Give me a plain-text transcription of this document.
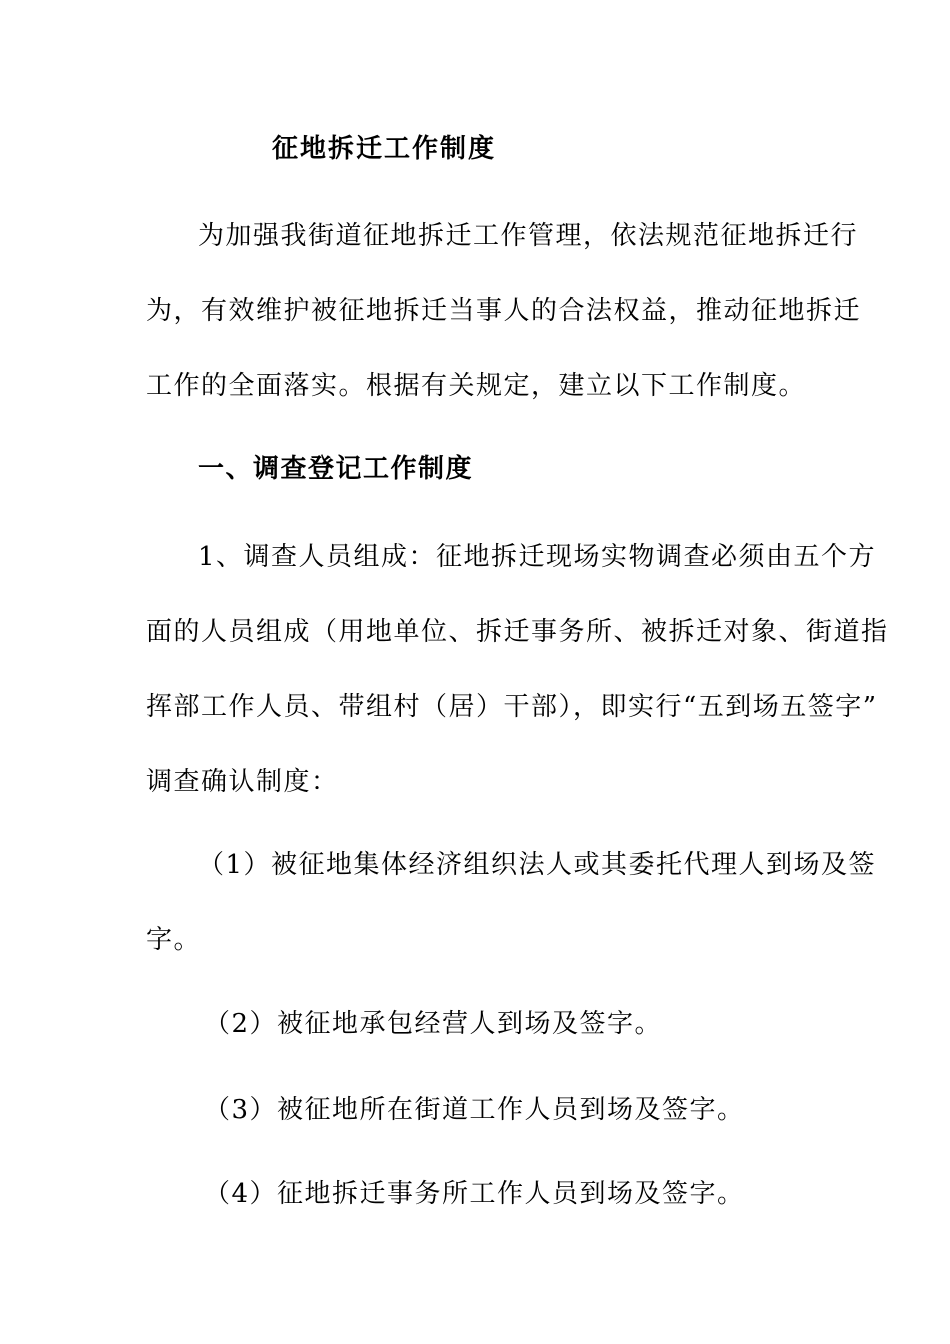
征地拆迁工作制度
为加强我街道征地拆迁工作管理，依法规范征地拆迁行
为，有效维护被征地拆迁当事人的合法权益，推动征地拆迁
工作的全面落实。根据有关规定，建立以下工作制度。
一、调查登记工作制度
1、调查人员组成：征地拆迁现场实物调查必须由五个方
面的人员组成（用地单位、拆迁事务所、被拆迁对象、街道指
挥部工作人员、带组村（居）干部），即实行“五到场五签字”
调查确认制度：
（1）被征地集体经济组织法人或其委托代理人到场及签
字。
（2）被征地承包经营人到场及签字。
（3）被征地所在街道工作人员到场及签字。
（4）征地拆迁事务所工作人员到场及签字。
